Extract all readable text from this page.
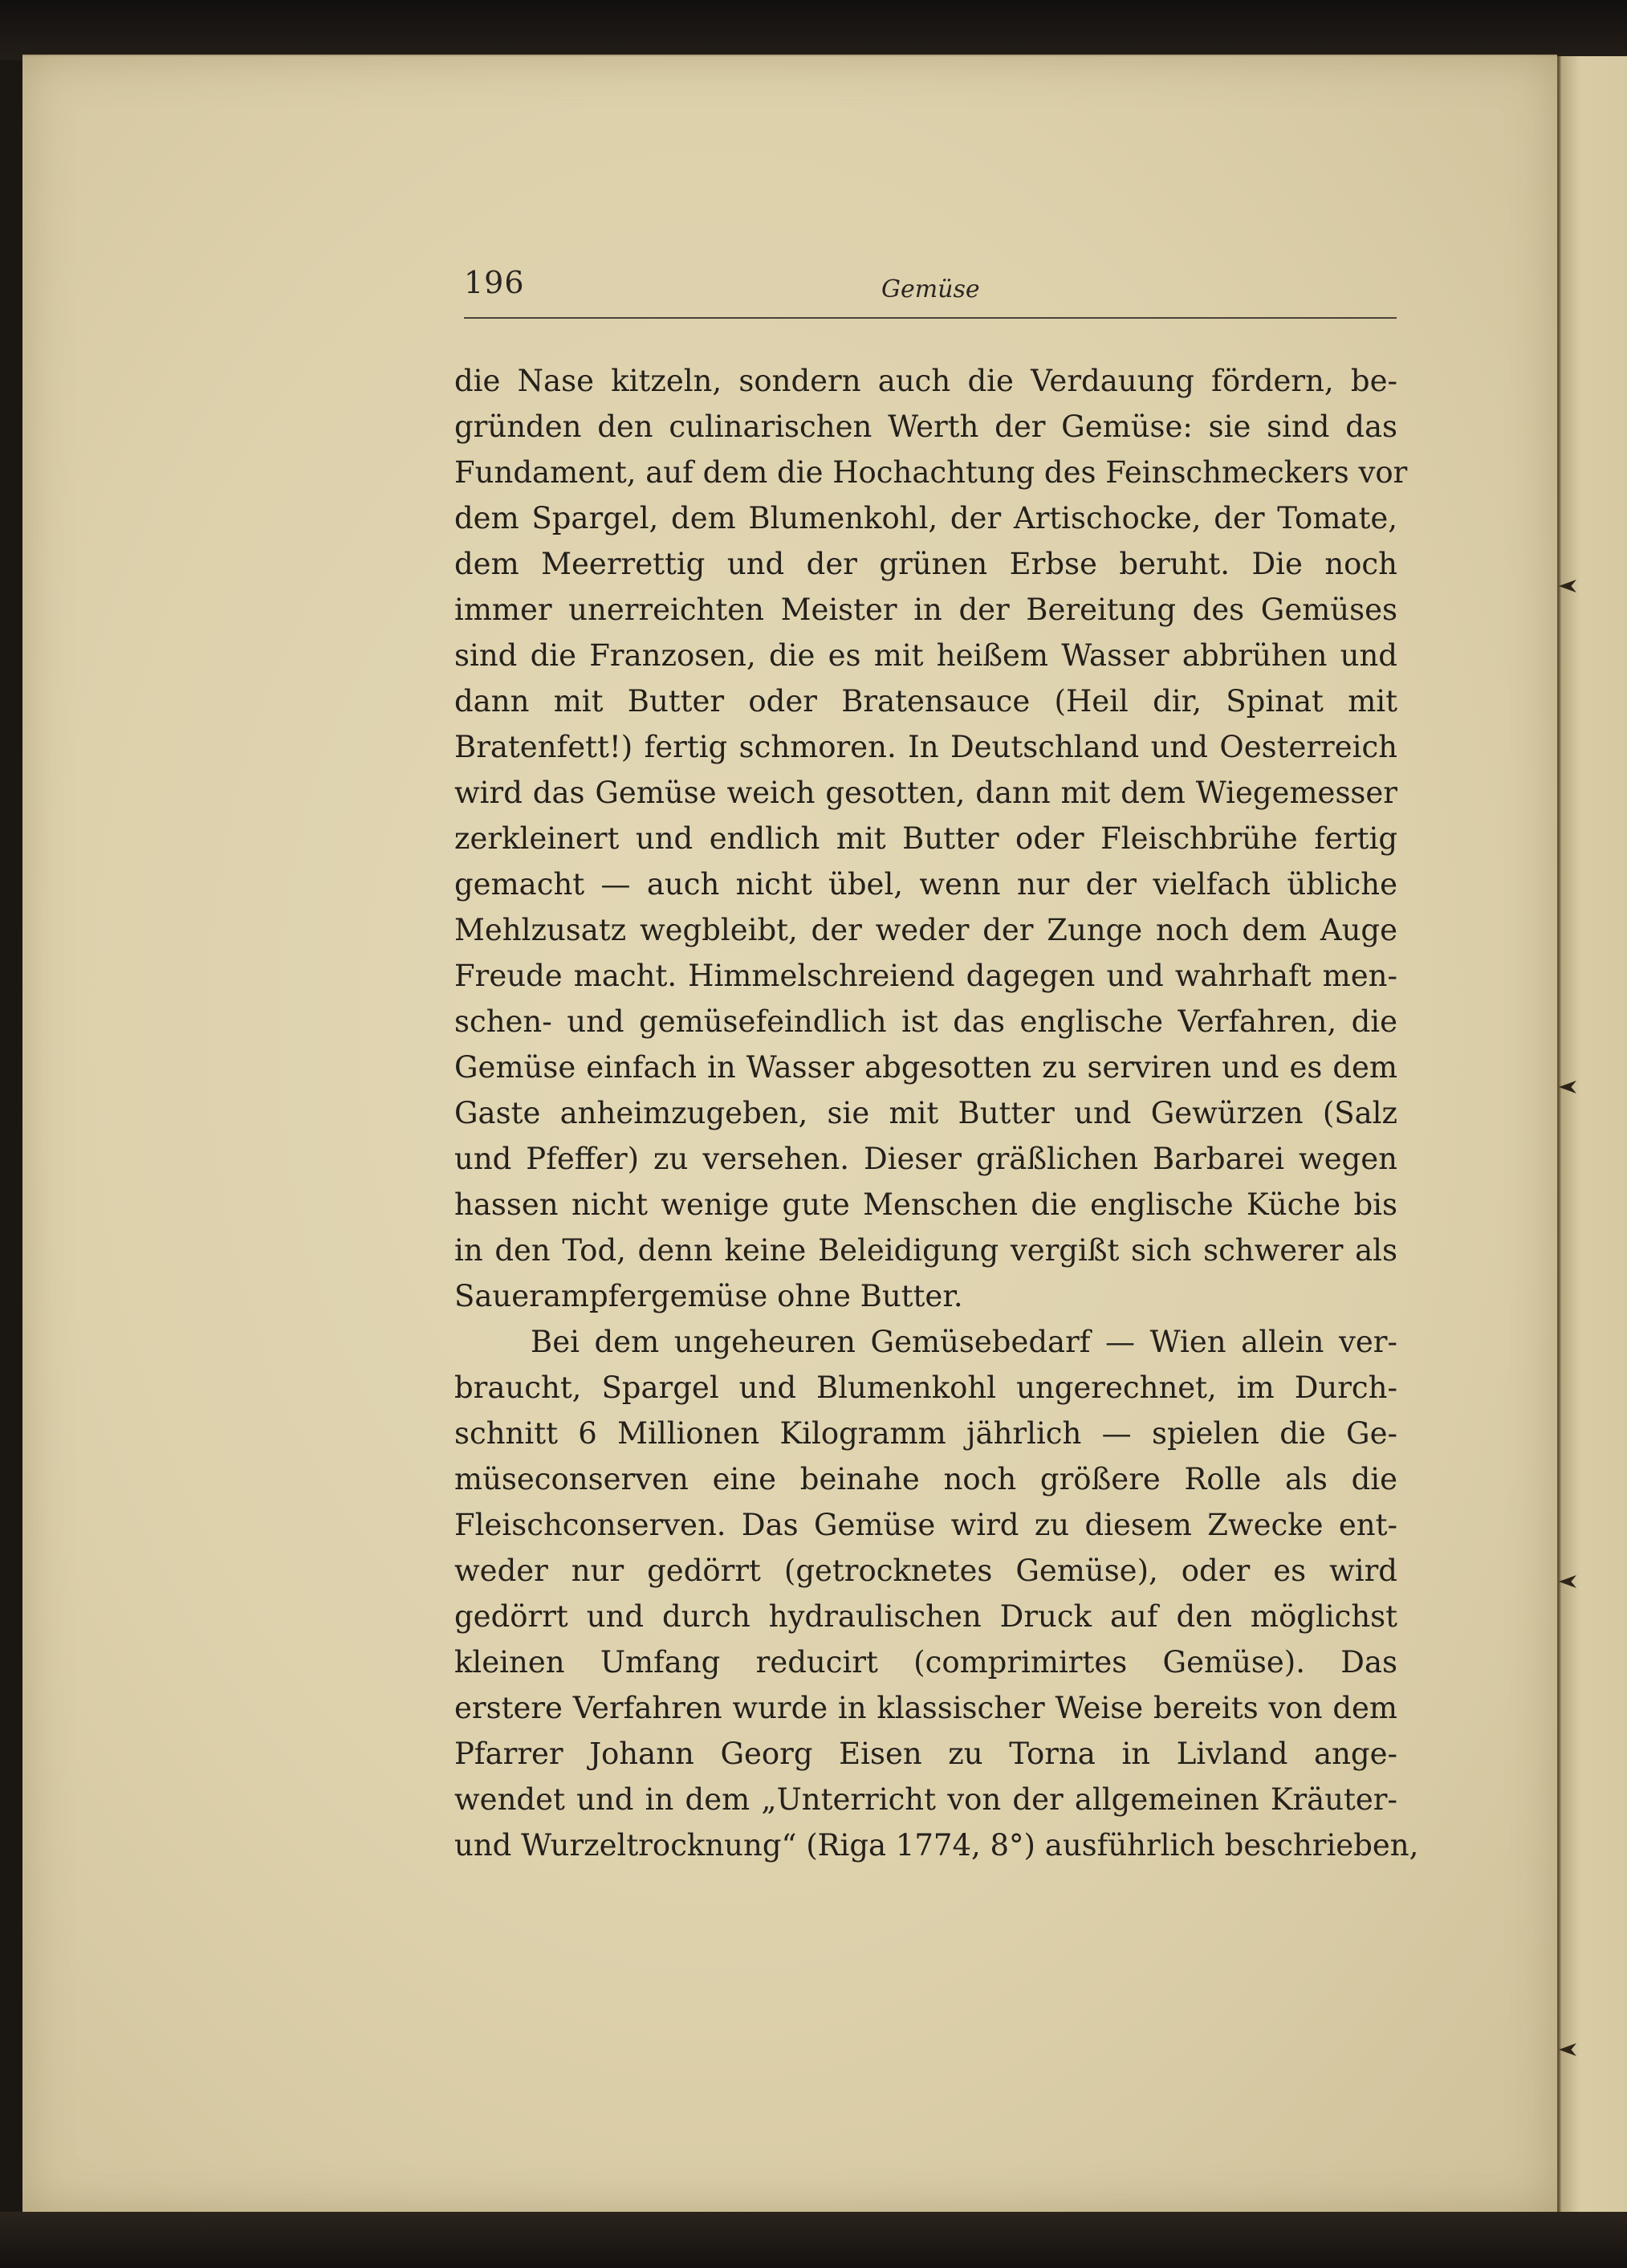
196	Gemüse
die Nase kitzeln, sondern auch die Verdauung fördern, be-
gründen den culinarischen Werth der Gemüse: sie sind das
Fundament, auf dem die Hochachtung des Feinschmeckers vor
dem Spargel, dem Blumenkohl, der Artischocke, der Tomate,
dem Meerrettig und der grünen Erbse beruht. Die noch
immer unerreichten Meister in der Bereitung des Gemüses
sind die Franzosen, die es mit heißem Wasser abbrühen und
dann mit Butter oder Bratensauce (Heil dir, Spinat mit
Bratenfett!) fertig schmoren. In Deutschland und Oesterreich
wird das Gemüse weich gesotten, dann mit dem Wiegemesser
zerkleinert und endlich mit Butter oder Fleischbrühe fertig
gemacht — auch nicht übel, wenn nur der vielfach übliche
Mehlzusatz wegbleibt, der weder der Zunge noch dem Auge
Freude macht. Himmelschreiend dagegen und wahrhaft men-
schen- und gemüsefeindlich ist das englische Verfahren, die
Gemüse einfach in Wasser abgesotten zu serviren und es dem
Gaste anheimzugeben, sie mit Butter und Gewürzen (Salz
und Pfeffer) zu versehen. Dieser gräßlichen Barbarei wegen
hassen nicht wenige gute Menschen die englische Küche bis
in den Tod, denn keine Beleidigung vergißt sich schwerer als
Sauerampfergemüse ohne Butter.
Bei dem ungeheuren Gemüsebedarf — Wien allein ver-
braucht, Spargel und Blumenkohl ungerechnet, im Durch-
schnitt 6 Millionen Kilogramm jährlich — spielen die Ge-
müseconserven eine beinahe noch größere Rolle als die
Fleischconserven. Das Gemüse wird zu diesem Zwecke ent-
weder nur gedörrt (getrocknetes Gemüse), oder es wird
gedörrt und durch hydraulischen Druck auf den möglichst
kleinen Umfang reducirt (comprimirtes Gemüse). Das
erstere Verfahren wurde in klassischer Weise bereits von dem
Pfarrer Johann Georg Eisen zu Torna in Livland ange-
wendet und in dem „Unterricht von der allgemeinen Kräuter-
und Wurzeltrocknung“ (Riga 1774, 8°) ausführlich beschrieben,
